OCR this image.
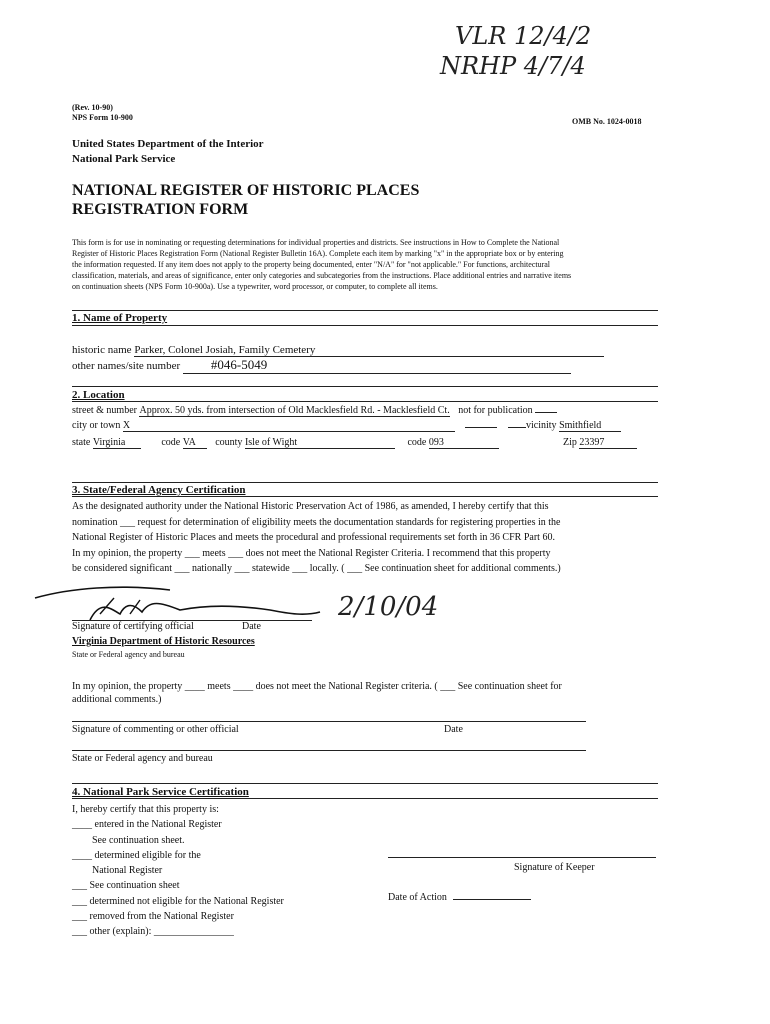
VLR 12/4/2
NRHP 4/7/4
(Rev. 10-90)
NPS Form 10-900	OMB No. 1024-0018
United States Department of the Interior
National Park Service
NATIONAL REGISTER OF HISTORIC PLACES
REGISTRATION FORM
This form is for use in nominating or requesting determinations for individual properties and districts. See instructions in How to Complete the National
Register of Historic Places Registration Form (National Register Bulletin 16A). Complete each item by marking "x" in the appropriate box or by entering
the information requested. If any item does not apply to the property being documented, enter "N/A" for "not applicable." For functions, architectural
classification, materials, and areas of significance, enter only categories and subcategories from the instructions. Place additional entries and narrative items
on continuation sheets (NPS Form 10-900a). Use a typewriter, word processor, or computer, to complete all items.
1. Name of Property
historic name Parker, Colonel Josiah, Family Cemetery
other names/site number #046-5049
2. Location
street & number Approx. 50 yds. from intersection of Old Macklesfield Rd. - Macklesfield Ct. not for publication
city or town X	vicinity Smithfield
state Virginia	code VA county Isle of Wight	code 093	Zip 23397
3. State/Federal Agency Certification
As the designated authority under the National Historic Preservation Act of 1986, as amended, I hereby certify that this
nomination ___ request for determination of eligibility meets the documentation standards for registering properties in the
National Register of Historic Places and meets the procedural and professional requirements set forth in 36 CFR Part 60.
In my opinion, the property ___ meets ___ does not meet the National Register Criteria. I recommend that this property
be considered significant ___ nationally ___ statewide ___ locally. ( ___ See continuation sheet for additional comments.)
2/10/04
Signature of certifying official	Date
Virginia Department of Historic Resources
State or Federal agency and bureau
In my opinion, the property ____ meets ____ does not meet the National Register criteria. ( ___ See continuation sheet for
additional comments.)
Signature of commenting or other official	Date
State or Federal agency and bureau
4. National Park Service Certification
I, hereby certify that this property is:
____ entered in the National Register
See continuation sheet.
____ determined eligible for the
National Register
___ See continuation sheet
___ determined not eligible for the National Register
___ removed from the National Register
___ other (explain): ________________
Signature of Keeper
Date of Action
